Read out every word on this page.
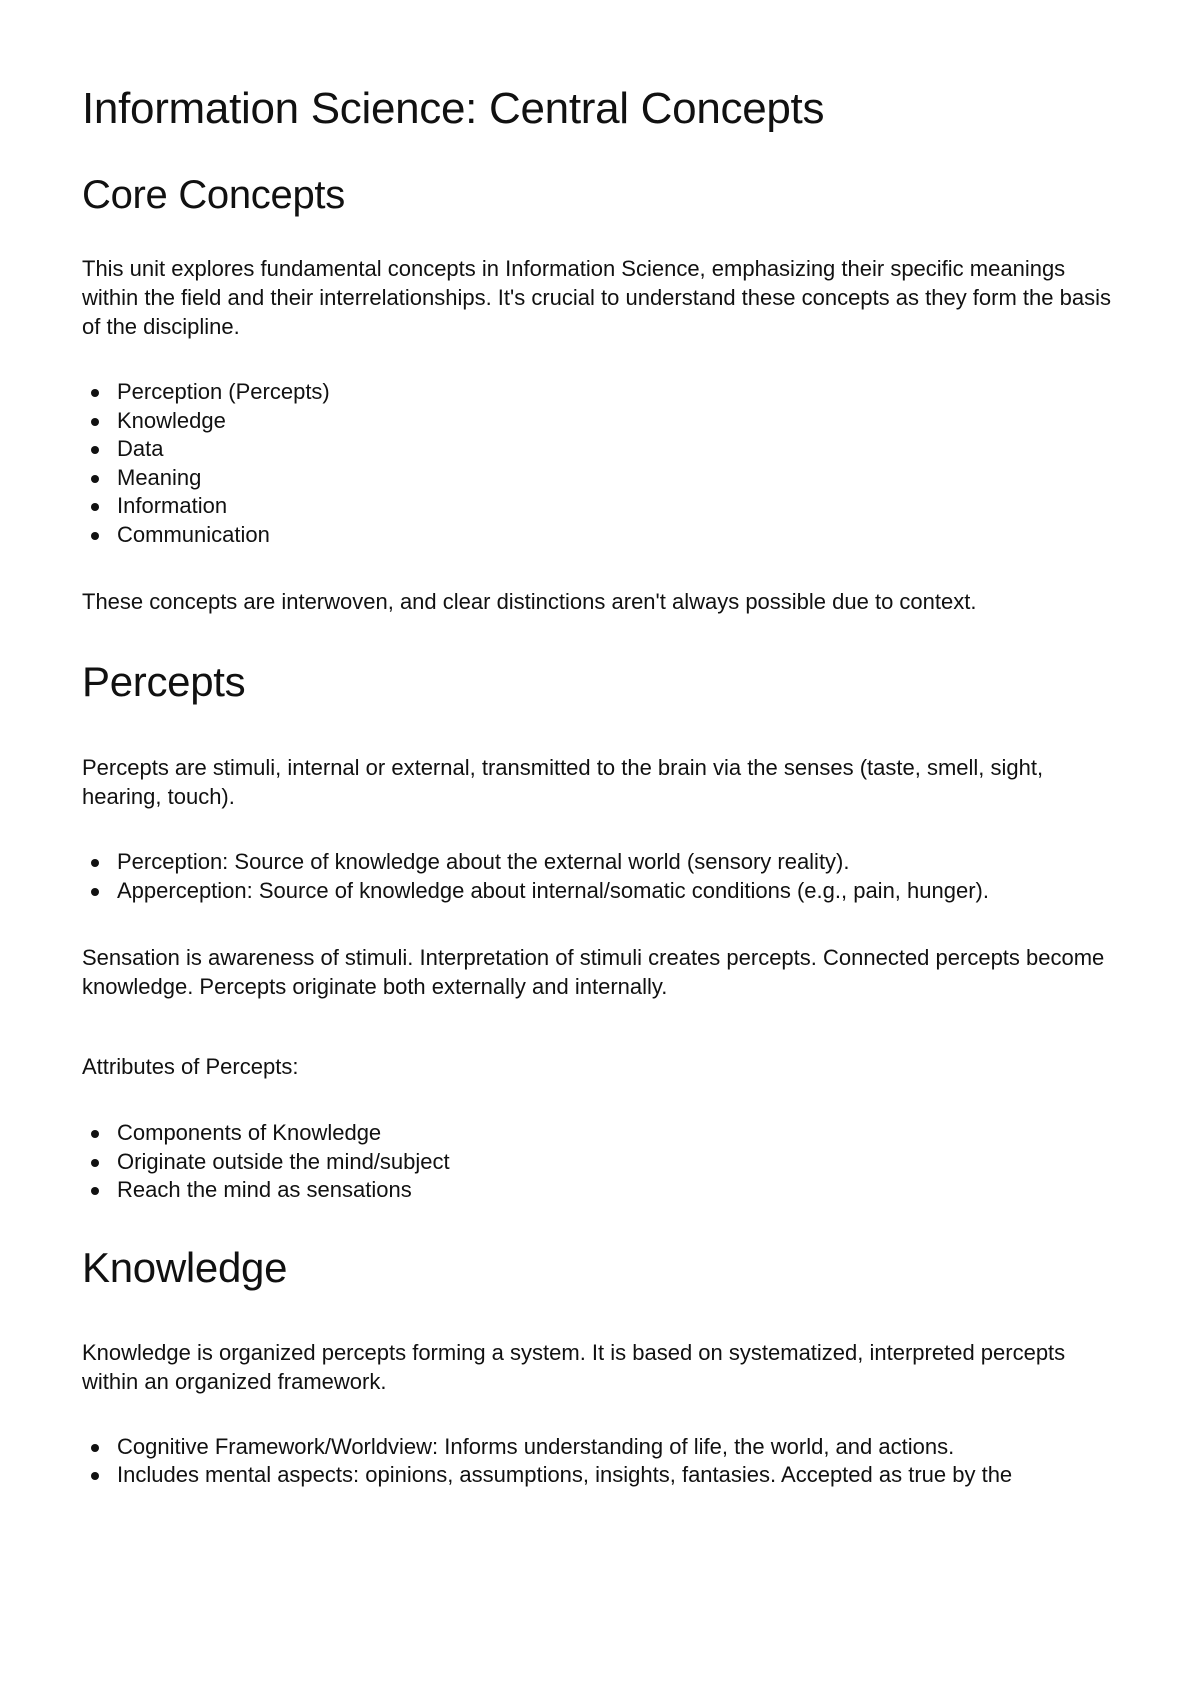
Information Science: Central Concepts
Core Concepts

This unit explores fundamental concepts in Information Science, emphasizing their specific meanings within the field and their interrelationships. It's crucial to understand these concepts as they form the basis of the discipline.

Perception (Percepts)
Knowledge
Data
Meaning
Information
Communication

These concepts are interwoven, and clear distinctions aren't always possible due to context.

Percepts

Percepts are stimuli, internal or external, transmitted to the brain via the senses (taste, smell, sight, hearing, touch).

Perception: Source of knowledge about the external world (sensory reality).
Apperception: Source of knowledge about internal/somatic conditions (e.g., pain, hunger).

Sensation is awareness of stimuli. Interpretation of stimuli creates percepts. Connected percepts become knowledge. Percepts originate both externally and internally.

Attributes of Percepts:

Components of Knowledge
Originate outside the mind/subject
Reach the mind as sensations
Knowledge

Knowledge is organized percepts forming a system. It is based on systematized, interpreted percepts within an organized framework.

Cognitive Framework/Worldview: Informs understanding of life, the world, and actions.
Includes mental aspects: opinions, assumptions, insights, fantasies. Accepted as true by the
